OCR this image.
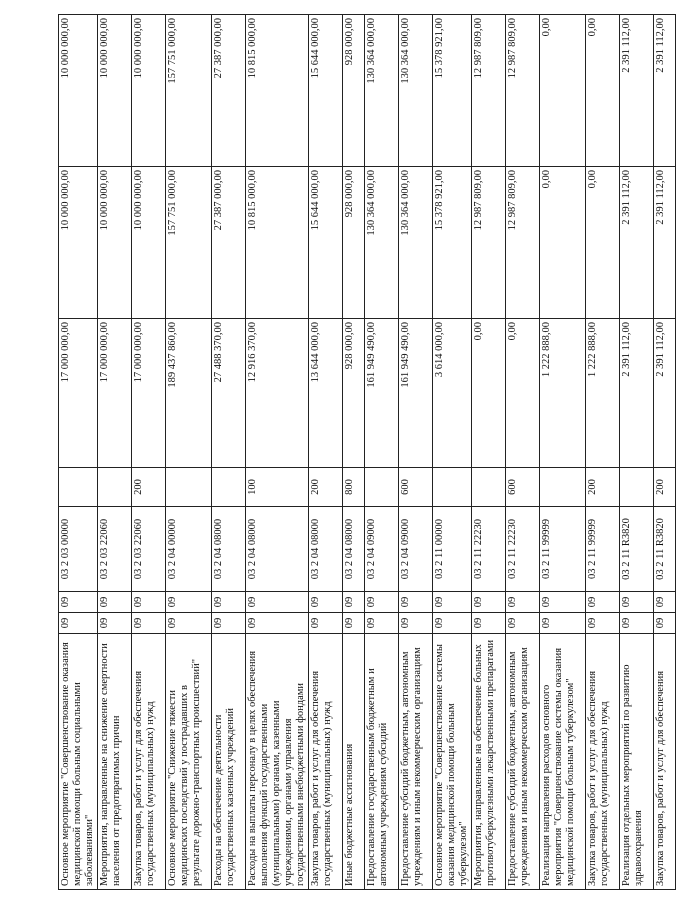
Основное мероприятие "Совершенствование оказания медицинской помощи больным социальными заболеваниями"	09	09	03 2 03 00000		17 000 000,00	10 000 000,00	10 000 000,00
Мероприятия, направленные на снижение смертности населения от предотвратимых причин	09	09	03 2 03 22060		17 000 000,00	10 000 000,00	10 000 000,00
Закупка товаров, работ и услуг для обеспечения государственных (муниципальных) нужд	09	09	03 2 03 22060	200	17 000 000,00	10 000 000,00	10 000 000,00
Основное мероприятие "Снижение тяжести медицинских последствий у пострадавших в результате дорожно-транспортных происшествий"	09	09	03 2 04 00000		189 437 860,00	157 751 000,00	157 751 000,00
Расходы на обеспечение деятельности государственных казенных учреждений	09	09	03 2 04 08000		27 488 370,00	27 387 000,00	27 387 000,00
Расходы на выплаты персоналу в целях обеспечения выполнения функций государственными (муниципальными) органами, казенными учреждениями, органами управления государственными внебюджетными фондами	09	09	03 2 04 08000	100	12 916 370,00	10 815 000,00	10 815 000,00
Закупка товаров, работ и услуг для обеспечения государственных (муниципальных) нужд	09	09	03 2 04 08000	200	13 644 000,00	15 644 000,00	15 644 000,00
Иные бюджетные ассигнования	09	09	03 2 04 08000	800	928 000,00	928 000,00	928 000,00
Предоставление государственным бюджетным и автономным учреждениям субсидий	09	09	03 2 04 09000		161 949 490,00	130 364 000,00	130 364 000,00
Предоставление субсидий бюджетным, автономным учреждениям и иным некоммерческим организациям	09	09	03 2 04 09000	600	161 949 490,00	130 364 000,00	130 364 000,00
Основное мероприятие "Совершенствование системы оказания медицинской помощи больным туберкулезом"	09	09	03 2 11 00000		3 614 000,00	15 378 921,00	15 378 921,00
Мероприятия, направленные на обеспечение больных противотуберкулезными лекарственными препаратами	09	09	03 2 11 22230		0,00	12 987 809,00	12 987 809,00
Предоставление субсидий бюджетным, автономным учреждениям и иным некоммерческим организациям	09	09	03 2 11 22230	600	0,00	12 987 809,00	12 987 809,00
Реализация направления расходов основного мероприятия "Совершенствование системы оказания медицинской помощи больным туберкулезом"	09	09	03 2 11 99999		1 222 888,00	0,00	0,00
Закупка товаров, работ и услуг для обеспечения государственных (муниципальных) нужд	09	09	03 2 11 99999	200	1 222 888,00	0,00	0,00
Реализация отдельных мероприятий по развитию здравоохранения	09	09	03 2 11 R3820		2 391 112,00	2 391 112,00	2 391 112,00
Закупка товаров, работ и услуг для обеспечения	09	09	03 2 11 R3820	200	2 391 112,00	2 391 112,00	2 391 112,00
